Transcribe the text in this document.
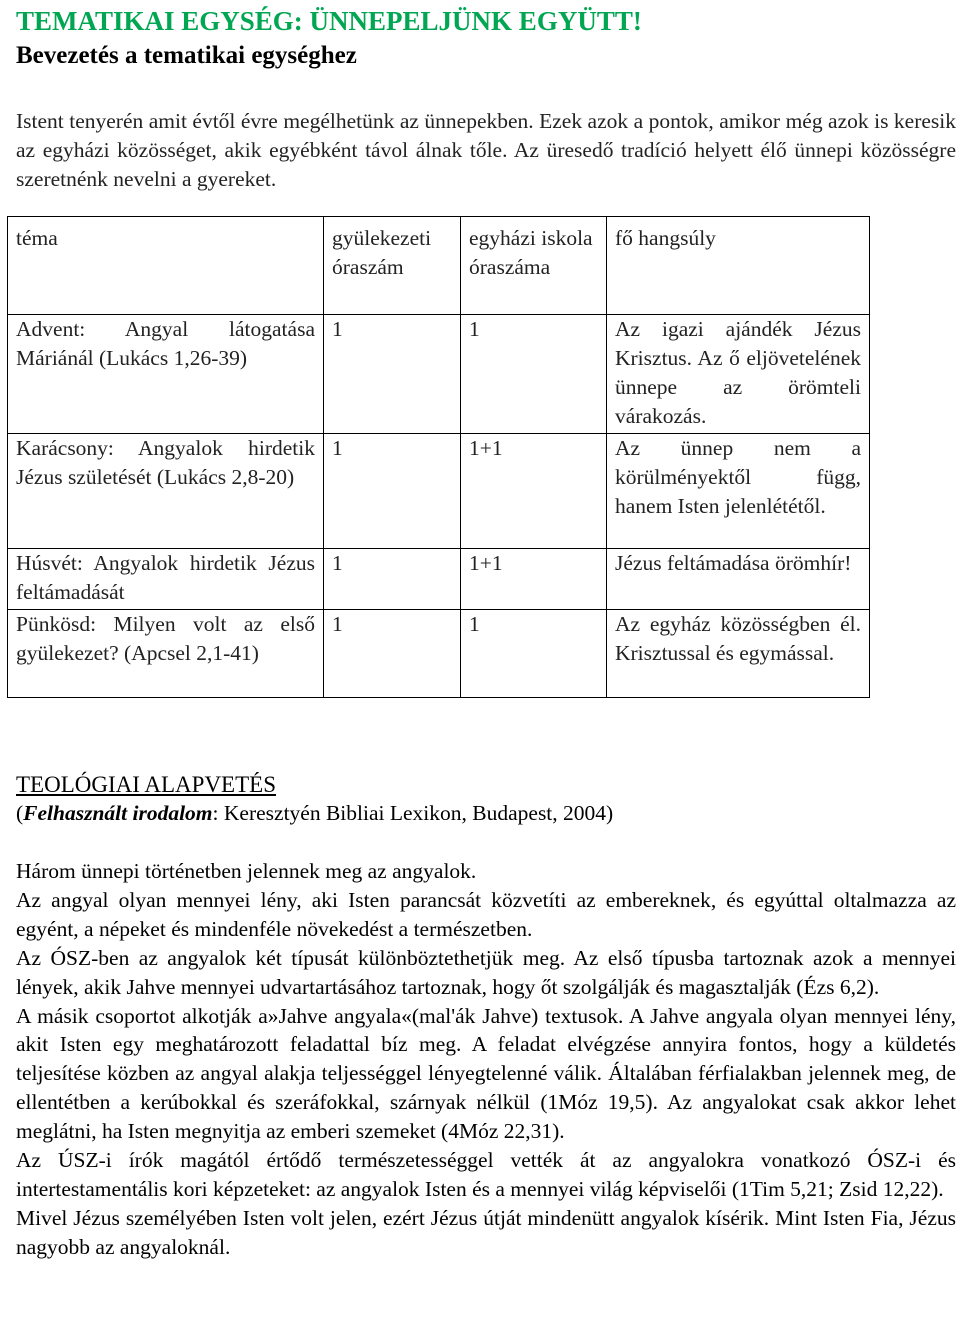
TEMATIKAI EGYSÉG: ÜNNEPELJÜNK EGYÜTT!
Bevezetés a tematikai egységhez
Istent tenyerén amit évtől évre megélhetünk az ünnepekben. Ezek azok a pontok, amikor még azok is keresik az egyházi közösséget, akik egyébként távol álnak tőle. Az üresedő tradíció helyett élő ünnepi közösségre szeretnénk nevelni a gyereket.
téma	gyülekezeti óraszám	egyházi iskola óraszáma	fő hangsúly
Advent: Angyal látogatása Máriánál (Lukács 1,26-39)	1	1	Az igazi ajándék Jézus Krisztus. Az ő eljövetelének ünnepe az örömteli várakozás.
Karácsony: Angyalok hirdetik Jézus születését (Lukács 2,8-20)	1	1+1	Az ünnep nem a körülményektől függ, hanem Isten jelenlététől.
Húsvét: Angyalok hirdetik Jézus feltámadását	1	1+1	Jézus feltámadása örömhír!
Pünkösd: Milyen volt az első gyülekezet? (Apcsel 2,1-41)	1	1	Az egyház közösségben él. Krisztussal és egymással.
TEOLÓGIAI ALAPVETÉS
(Felhasznált irodalom: Keresztyén Bibliai Lexikon, Budapest, 2004)

Három ünnepi történetben jelennek meg az angyalok.

Az angyal olyan mennyei lény, aki Isten parancsát közvetíti az embereknek, és egyúttal oltalmazza az egyént, a népeket és mindenféle növekedést a természetben.

Az ÓSZ-ben az angyalok két típusát különböztethetjük meg. Az első típusba tartoznak azok a mennyei lények, akik Jahve mennyei udvartartásához tartoznak, hogy őt szolgálják és magasztalják (Ézs 6,2).

A másik csoportot alkotják a»Jahve angyala«(mal'ák Jahve) textusok. A Jahve angyala olyan mennyei lény, akit Isten egy meghatározott feladattal bíz meg. A feladat elvégzése annyira fontos, hogy a küldetés teljesítése közben az angyal alakja teljességgel lényegtelenné válik. Általában férfialakban jelennek meg, de ellentétben a kerúbokkal és szeráfokkal, szárnyak nélkül (1Móz 19,5). Az angyalokat csak akkor lehet meglátni, ha Isten megnyitja az emberi szemeket (4Móz 22,31).

Az ÚSZ-i írók magától értődő természetességgel vették át az angyalokra vonatkozó ÓSZ-i és intertestamentális kori képzeteket: az angyalok Isten és a mennyei világ képviselői (1Tim 5,21; Zsid 12,22).

Mivel Jézus személyében Isten volt jelen, ezért Jézus útját mindenütt angyalok kísérik. Mint Isten Fia, Jézus nagyobb az angyaloknál.
